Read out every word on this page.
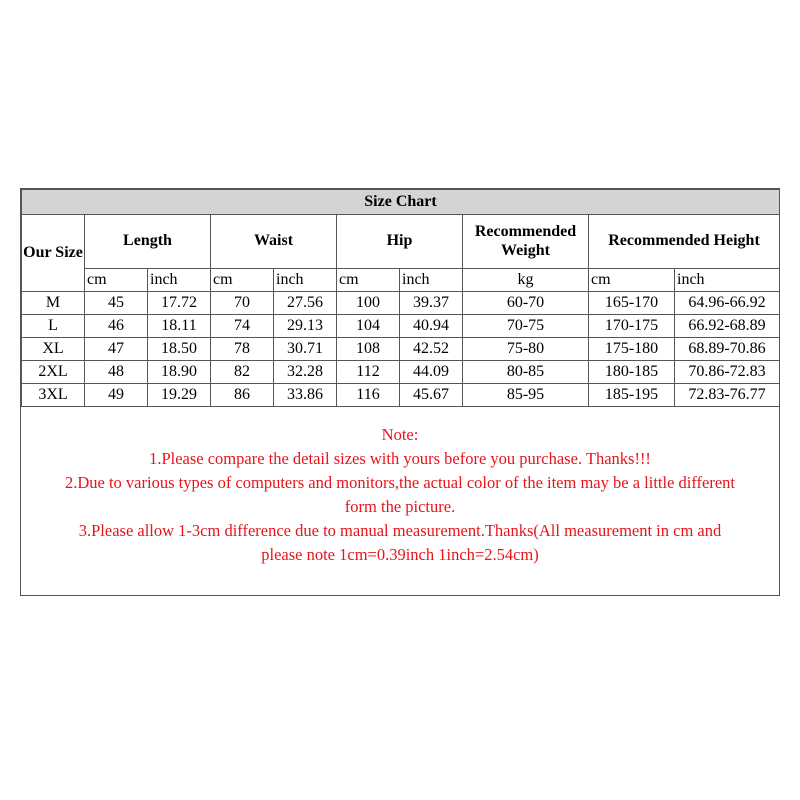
Size Chart									
Our Size	Length		Waist		Hip		Recommended Weight	Recommended Height	
	cm	inch	cm	inch	cm	inch	kg	cm	inch
M	45	17.72	70	27.56	100	39.37	60-70	165-170	64.96-66.92
L	46	18.11	74	29.13	104	40.94	70-75	170-175	66.92-68.89
XL	47	18.50	78	30.71	108	42.52	75-80	175-180	68.89-70.86
2XL	48	18.90	82	32.28	112	44.09	80-85	180-185	70.86-72.83
3XL	49	19.29	86	33.86	116	45.67	85-95	185-195	72.83-76.77
Note:
1.Please compare the detail sizes with yours before you purchase. Thanks!!!
2.Due to various types of computers and monitors,the actual color of the item may be a little different
form the picture.
3.Please allow 1-3cm difference due to manual measurement.Thanks(All measurement in cm and
please note 1cm=0.39inch 1inch=2.54cm)
